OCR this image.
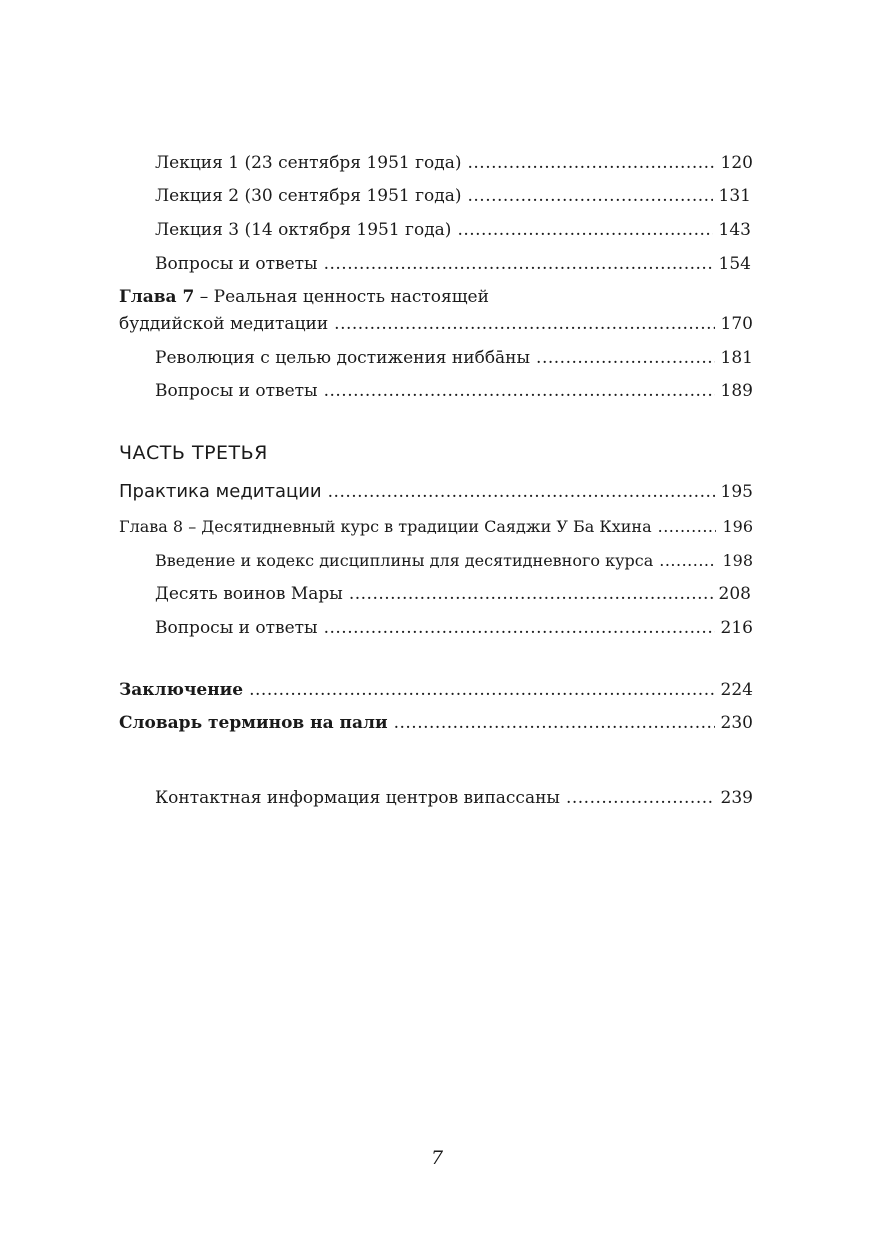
Лекция 1 (23 сентября 1951 года) .....	120
Лекция 2 (30 сентября 1951 года) .....	131
Лекция 3 (14 октября 1951 года) .....	143
Вопросы и ответы .....	154
Глава 7 – Реальная ценность настоящей
буддийской медитации .....	170
Революция с целью достижения ниббāны .....	181
Вопросы и ответы .....	189
ЧАСТЬ ТРЕТЬЯ
Практика медитации .....	195
Глава 8 – Десятидневный курс в традиции Саяджи У Ба Кхина .....	196
Введение и кодекс дисциплины для десятидневного курса .....	198
Десять воинов Мары .....	208
Вопросы и ответы .....	216
Заключение .....	224
Словарь терминов на пали .....	230
Контактная информация центров випассаны .....	239
7
